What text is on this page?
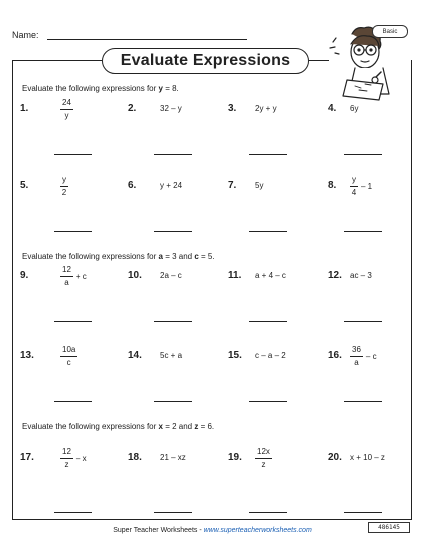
Name:
Evaluate Expressions
Basic
Evaluate the following expressions for y = 8.
1.	$\frac{24}{y}$	2.	32 – y	3. 2y + y	4. 6y
5.	$\frac{y}{2}$	6.	y + 24	7. 5y	8. $\frac{y}{4} - 1$
Evaluate the following expressions for a = 3 and c = 5.
9.	$\frac{12}{a} + c$	10. 2a – c	11. a + 4 – c	12. ac – 3
13.	$\frac{10a}{c}$	14. 5c + a	15. c – a – 2	16. $\frac{36}{a}$ – c
Evaluate the following expressions for x = 2 and z = 6.
17.	$\frac{12}{z}$ – x	18. 21 – xz	19. $\frac{12x}{z}$	20. x + 10 – z
Super Teacher Worksheets - www.superteacherworksheets.com	486145
